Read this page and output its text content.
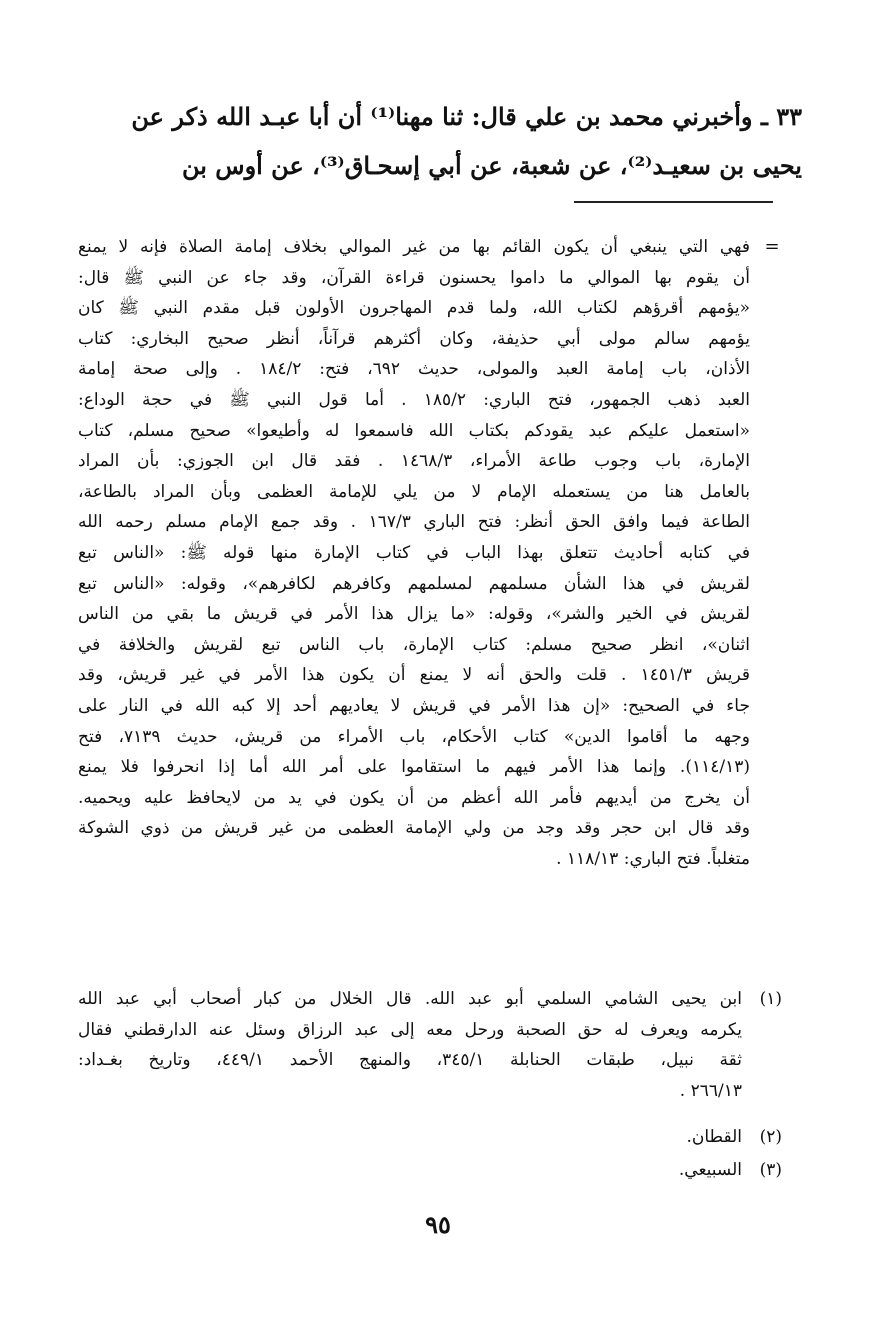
٣٣ ـ وأخبرني محمد بن علي قال: ثنا مهنا⁽¹⁾ أن أبا عبـد الله ذكر عن
يحيى بن سعيـد⁽²⁾، عن شعبة، عن أبي إسحـاق⁽³⁾، عن أوس بن
=
فهي التي ينبغي أن يكون القائم بها من غير الموالي بخلاف إمامة الصلاة فإنه لا يمنع
أن يقوم بها الموالي ما داموا يحسنون قراءة القرآن، وقد جاء عن النبي ﷺ قال:
«يؤمهم أقرؤهم لكتاب الله، ولما قدم المهاجرون الأولون قبل مقدم النبي ﷺ كان
يؤمهم سالم مولى أبي حذيفة، وكان أكثرهم قرآناً، أنظر صحيح البخاري: كتاب
الأذان، باب إمامة العبد والمولى، حديث ٦٩٢، فتح: ١٨٤/٢ . وإلى صحة إمامة
العبد ذهب الجمهور، فتح الباري: ١٨٥/٢ . أما قول النبي ﷺ في حجة الوداع:
«استعمل عليكم عبد يقودكم بكتاب الله فاسمعوا له وأطيعوا» صحيح مسلم، كتاب
الإمارة، باب وجوب طاعة الأمراء، ١٤٦٨/٣ . فقد قال ابن الجوزي: بأن المراد
بالعامل هنا من يستعمله الإمام لا من يلي للإمامة العظمى وبأن المراد بالطاعة،
الطاعة فيما وافق الحق أنظر: فتح الباري ١٦٧/٣ . وقد جمع الإمام مسلم رحمه الله
في كتابه أحاديث تتعلق بهذا الباب في كتاب الإمارة منها قوله ﷺ: «الناس تبع
لقريش في هذا الشأن مسلمهم لمسلمهم وكافرهم لكافرهم»، وقوله: «الناس تبع
لقريش في الخير والشر»، وقوله: «ما يزال هذا الأمر في قريش ما بقي من الناس
اثنان»، انظر صحيح مسلم: كتاب الإمارة، باب الناس تبع لقريش والخلافة في
قريش ١٤٥١/٣ . قلت والحق أنه لا يمنع أن يكون هذا الأمر في غير قريش، وقد
جاء في الصحيح: «إن هذا الأمر في قريش لا يعاديهم أحد إلا كبه الله في النار على
وجهه ما أقاموا الدين» كتاب الأحكام، باب الأمراء من قريش، حديث ٧١٣٩، فتح
(١١٤/١٣). وإنما هذا الأمر فيهم ما استقاموا على أمر الله أما إذا انحرفوا فلا يمنع
أن يخرج من أيديهم فأمر الله أعظم من أن يكون في يد من لايحافظ عليه ويحميه.
وقد قال ابن حجر وقد وجد من ولي الإمامة العظمى من غير قريش من ذوي الشوكة
متغلباً. فتح الباري: ١١٨/١٣ .
(١)
ابن يحيى الشامي السلمي أبو عبد الله. قال الخلال من كبار أصحاب أبي عبد الله
يكرمه ويعرف له حق الصحبة ورحل معه إلى عبد الرزاق وسئل عنه الدارقطني فقال
ثقة نبيل، طبقات الحنابلة ٣٤٥/١، والمنهج الأحمد ٤٤٩/١، وتاريخ بغـداد:
٢٦٦/١٣ .
(٢)
القطان.
(٣)
السبيعي.
٩٥
